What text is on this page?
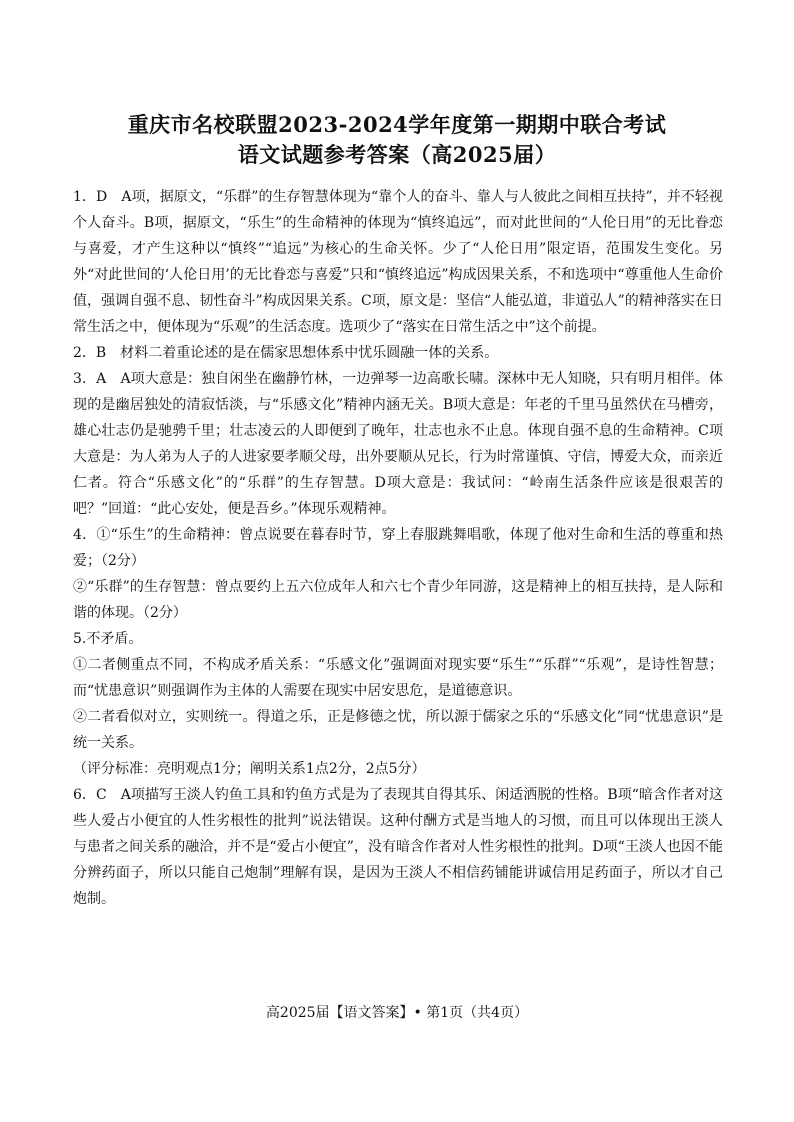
重庆市名校联盟2023-2024学年度第一期期中联合考试
语文试题参考答案（高2025届）

1．D　A项，据原文，“乐群”的生存智慧体现为“靠个人的奋斗、靠人与人彼此之间相互扶持”，并不轻视个人奋斗。B项，据原文，“乐生”的生命精神的体现为“慎终追远”，而对此世间的“人伦日用”的无比眷恋与喜爱，才产生这种以“慎终”“追远”为核心的生命关怀。少了“人伦日用”限定语，范围发生变化。另外“对此世间的‘人伦日用’的无比眷恋与喜爱”只和“慎终追远”构成因果关系，不和选项中“尊重他人生命价值，强调自强不息、韧性奋斗”构成因果关系。C项，原文是：坚信“人能弘道，非道弘人”的精神落实在日常生活之中，便体现为“乐观”的生活态度。选项少了“落实在日常生活之中”这个前提。

2．B　材料二着重论述的是在儒家思想体系中忧乐圆融一体的关系。

3．A　A项大意是：独自闲坐在幽静竹林，一边弹琴一边高歌长啸。深林中无人知晓，只有明月相伴。体现的是幽居独处的清寂恬淡，与“乐感文化”精神内涵无关。B项大意是：年老的千里马虽然伏在马槽旁，雄心壮志仍是驰骋千里；壮志凌云的人即便到了晚年，壮志也永不止息。体现自强不息的生命精神。C项大意是：为人弟为人子的人进家要孝顺父母，出外要顺从兄长，行为时常谨慎、守信，博爱大众，而亲近仁者。符合“乐感文化”的“乐群”的生存智慧。D项大意是：我试问：“岭南生活条件应该是很艰苦的吧？”回道：“此心安处，便是吾乡。”体现乐观精神。

4．①“乐生”的生命精神：曾点说要在暮春时节，穿上春服跳舞唱歌，体现了他对生命和生活的尊重和热爱；（2分）

②“乐群”的生存智慧：曾点要约上五六位成年人和六七个青少年同游，这是精神上的相互扶持，是人际和谐的体现。（2分）

5.不矛盾。

①二者侧重点不同，不构成矛盾关系：“乐感文化”强调面对现实要“乐生”“乐群”“乐观”，是诗性智慧；而“忧患意识”则强调作为主体的人需要在现实中居安思危，是道德意识。

②二者看似对立，实则统一。得道之乐，正是修德之忧，所以源于儒家之乐的“乐感文化”同“忧患意识”是统一关系。

（评分标准：亮明观点1分；阐明关系1点2分，2点5分）

6．C　A项描写王淡人钓鱼工具和钓鱼方式是为了表现其自得其乐、闲适洒脱的性格。B项“暗含作者对这些人爱占小便宜的人性劣根性的批判”说法错误。这种付酬方式是当地人的习惯，而且可以体现出王淡人与患者之间关系的融洽，并不是“爱占小便宜”，没有暗含作者对人性劣根性的批判。D项“王淡人也因不能分辨药面子，所以只能自己炮制”理解有误，是因为王淡人不相信药铺能讲诚信用足药面子，所以才自己炮制。

高2025届【语文答案】• 第1页（共4页）
